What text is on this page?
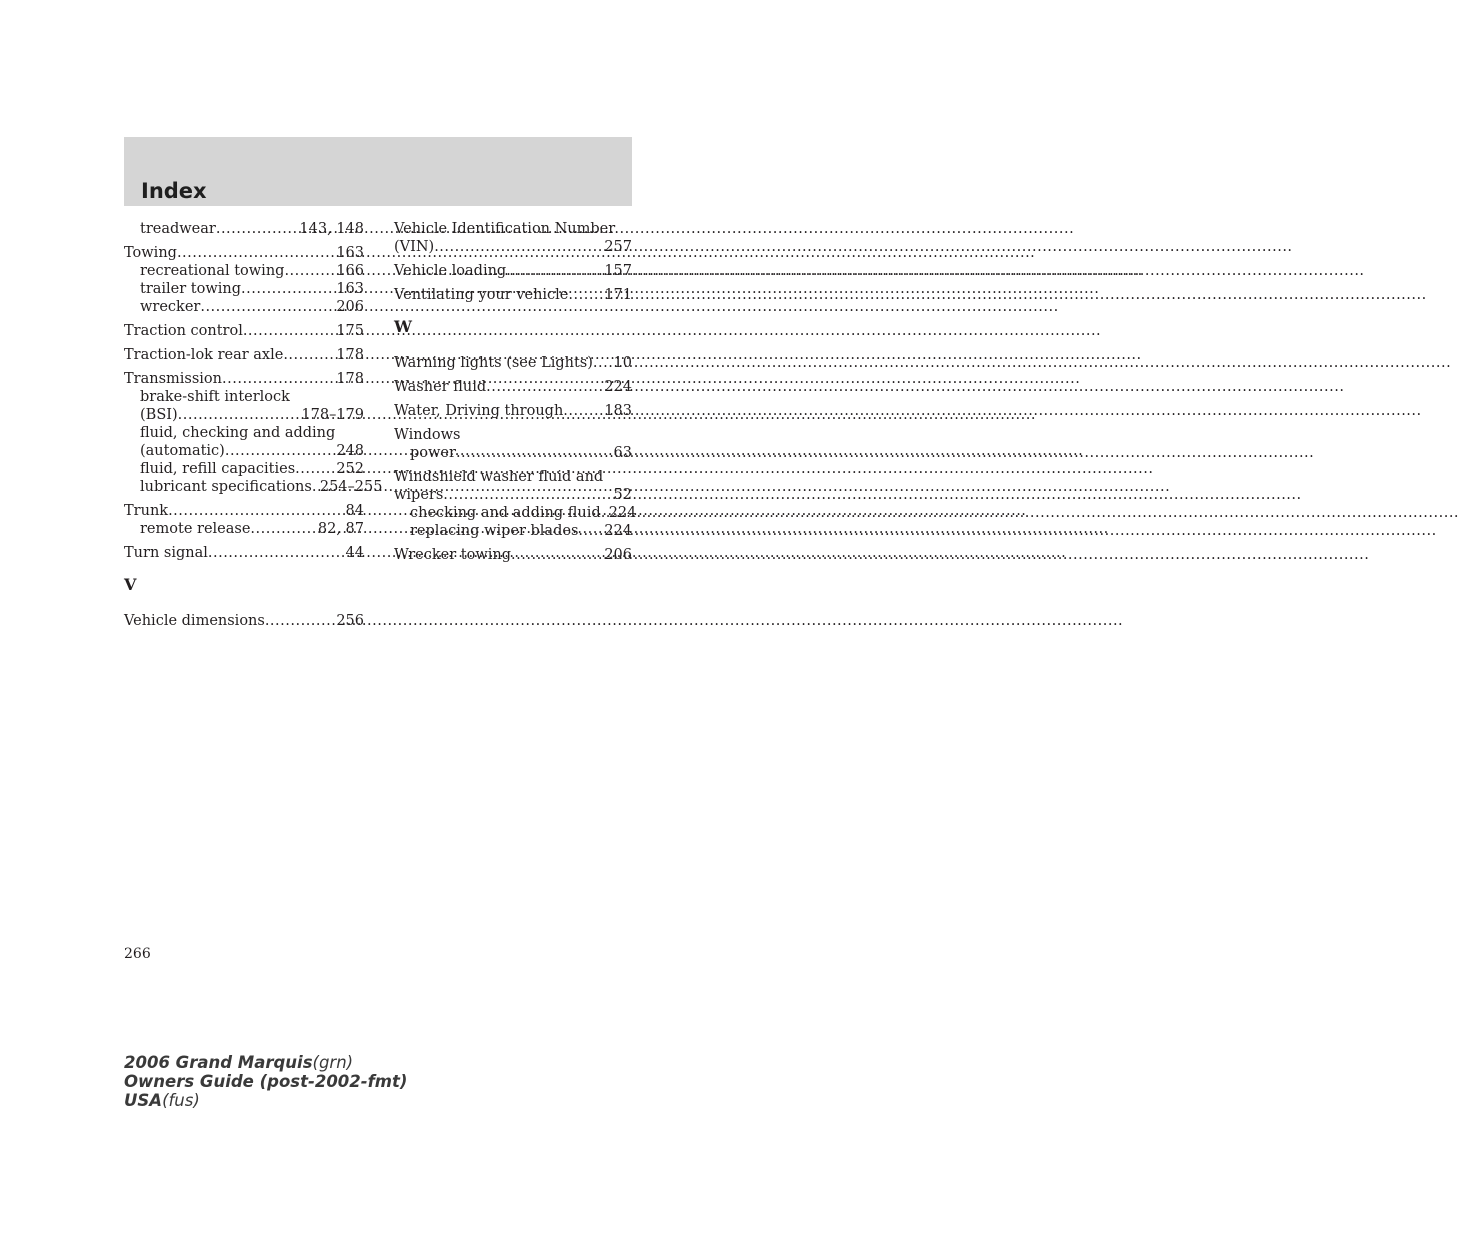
Index
treadwear .....	143, 148
Towing .....	163
recreational towing .....	166
trailer towing .....	163
wrecker .....	206
Traction control .....	175
Traction-lok rear axle .....	178
Transmission .....	178
brake-shift interlock
(BSI) .....	178–179
fluid, checking and adding
(automatic) .....	248
fluid, refill capacities .....	252
lubricant specifications ..... 254–255
Trunk .....	84
remote release .....	82, 87
Turn signal .....	44
V
Vehicle dimensions .....	256
Vehicle Identification Number
(VIN) .....	257
Vehicle loading .....	157
Ventilating your vehicle ..... 171
W
Warning lights (see Lights) ..... 10
Washer fluid .....	224
Water, Driving through .....	183
Windows
power .....	63
Windshield washer fluid and
wipers .....	52
checking and adding fluid ..... 224
replacing wiper blades ..... 224
Wrecker towing .....	206
266
2006 Grand Marquis(grn)
Owners Guide (post-2002-fmt)
USA(fus)
